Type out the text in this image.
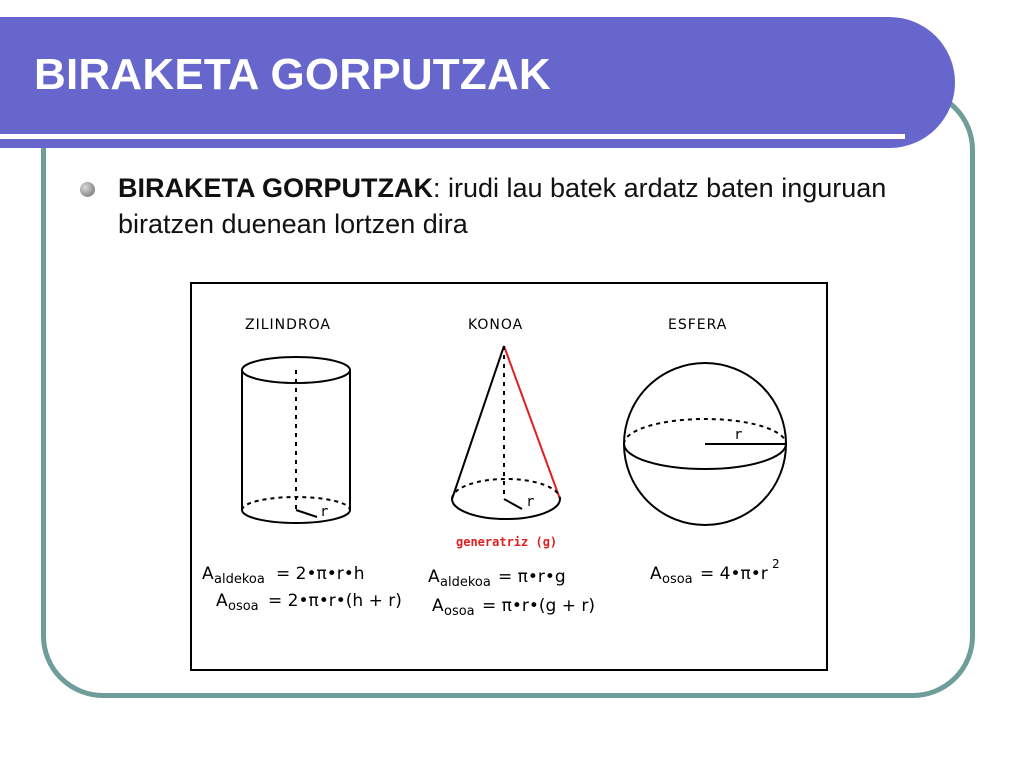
BIRAKETA GORPUTZAK

BIRAKETA GORPUTZAK: irudi lau batek ardatz baten inguruan biratzen duenean lortzen dira

ZILINDROA
r
A aldekoa = 2•π•r•h
A osoa = 2•π•r•(h + r)
KONOA
r
generatriz (g)
A aldekoa = π•r•g
A osoa = π•r•(g + r)
ESFERA
r
A osoa = 4•π•r 2
